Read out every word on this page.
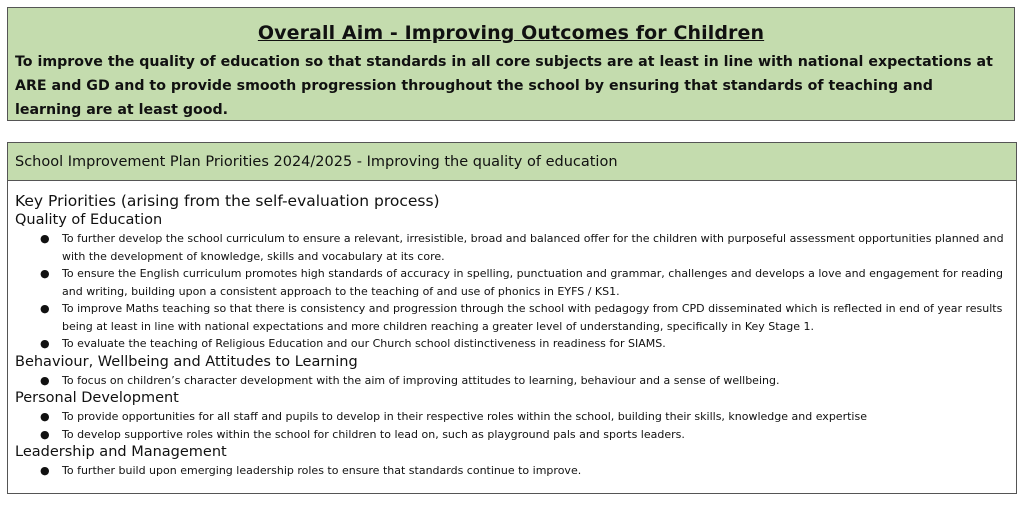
Overall Aim - Improving Outcomes for Children
To improve the quality of education so that standards in all core subjects are at least in line with national expectations at ARE and GD and to provide smooth progression throughout the school by ensuring that standards of teaching and learning are at least good.
School Improvement Plan Priorities 2024/2025 - Improving the quality of education
Key Priorities (arising from the self-evaluation process)
Quality of Education
● To further develop the school curriculum to ensure a relevant, irresistible, broad and balanced offer for the children with purposeful assessment opportunities planned and with the development of knowledge, skills and vocabulary at its core.
● To ensure the English curriculum promotes high standards of accuracy in spelling, punctuation and grammar, challenges and develops a love and engagement for reading and writing, building upon a consistent approach to the teaching of and use of phonics in EYFS / KS1.
● To improve Maths teaching so that there is consistency and progression through the school with pedagogy from CPD disseminated which is reflected in end of year results being at least in line with national expectations and more children reaching a greater level of understanding, specifically in Key Stage 1.
● To evaluate the teaching of Religious Education and our Church school distinctiveness in readiness for SIAMS.
Behaviour, Wellbeing and Attitudes to Learning
● To focus on children’s character development with the aim of improving attitudes to learning, behaviour and a sense of wellbeing.
Personal Development
● To provide opportunities for all staff and pupils to develop in their respective roles within the school, building their skills, knowledge and expertise
● To develop supportive roles within the school for children to lead on, such as playground pals and sports leaders.
Leadership and Management
● To further build upon emerging leadership roles to ensure that standards continue to improve.
